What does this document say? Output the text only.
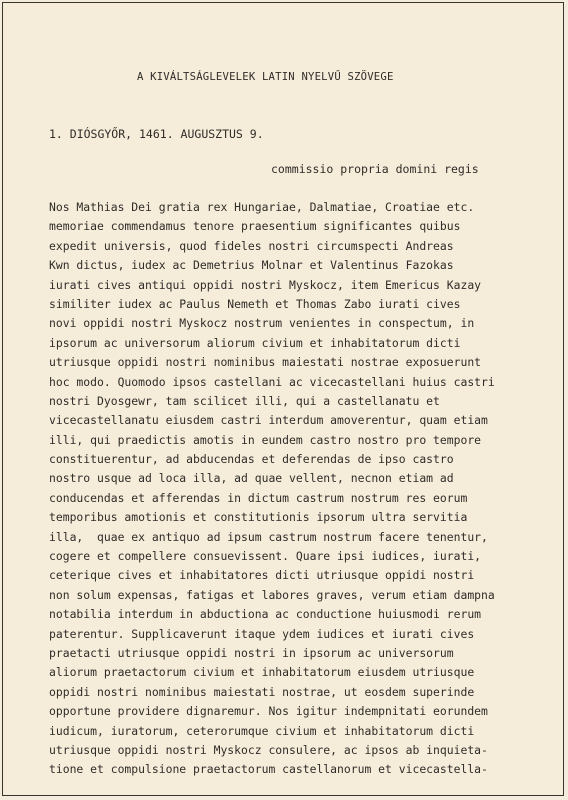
A KIVÁLTSÁGLEVELEK LATIN NYELVŰ SZÖVEGE
1. DIÓSGYŐR, 1461. AUGUSZTUS 9.
commissio propria domini regis
Nos Mathias Dei gratia rex Hungariae, Dalmatiae, Croatiae etc.
memoriae commendamus tenore praesentium significantes quibus
expedit universis, quod fideles nostri circumspecti Andreas
Kwn dictus, iudex ac Demetrius Molnar et Valentinus Fazokas
iurati cives antiqui oppidi nostri Myskocz, item Emericus Kazay
similiter iudex ac Paulus Nemeth et Thomas Zabo iurati cives
novi oppidi nostri Myskocz nostrum venientes in conspectum, in
ipsorum ac universorum aliorum civium et inhabitatorum dicti
utriusque oppidi nostri nominibus maiestati nostrae exposuerunt
hoc modo. Quomodo ipsos castellani ac vicecastellani huius castri
nostri Dyosgewr, tam scilicet illi, qui a castellanatu et
vicecastellanatu eiusdem castri interdum amoverentur, quam etiam
illi, qui praedictis amotis in eundem castro nostro pro tempore
constituerentur, ad abducendas et deferendas de ipso castro
nostro usque ad loca illa, ad quae vellent, necnon etiam ad
conducendas et afferendas in dictum castrum nostrum res eorum
temporibus amotionis et constitutionis ipsorum ultra servitia
illa,  quae ex antiquo ad ipsum castrum nostrum facere tenentur,
cogere et compellere consuevissent. Quare ipsi iudices, iurati,
ceterique cives et inhabitatores dicti utriusque oppidi nostri
non solum expensas, fatigas et labores graves, verum etiam dampna
notabilia interdum in abductiona ac conductione huiusmodi rerum
paterentur. Supplicaverunt itaque ydem iudices et iurati cives
praetacti utriusque oppidi nostri in ipsorum ac universorum
aliorum praetactorum civium et inhabitatorum eiusdem utriusque
oppidi nostri nominibus maiestati nostrae, ut eosdem superinde
opportune providere dignaremur. Nos igitur indempnitati eorundem
iudicum, iuratorum, ceterorumque civium et inhabitatorum dicti
utriusque oppidi nostri Myskocz consulere, ac ipsos ab inquieta-
tione et compulsione praetactorum castellanorum et vicecastella-
